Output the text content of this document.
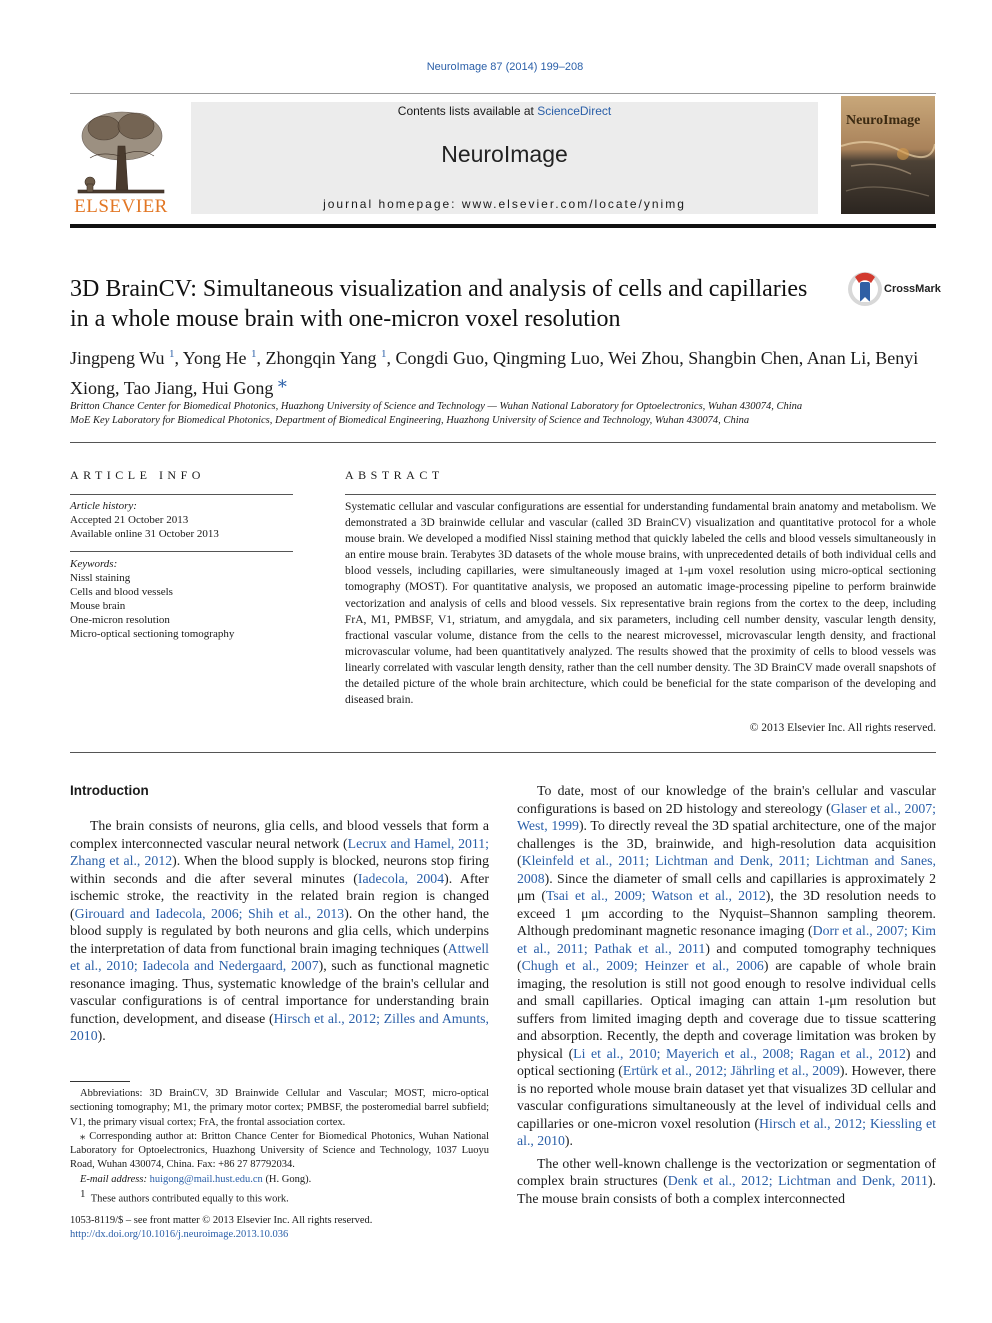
NeuroImage 87 (2014) 199–208
ELSEVIER
Contents lists available at ScienceDirect
NeuroImage
journal homepage: www.elsevier.com/locate/ynimg
NeuroImage
3D BrainCV: Simultaneous visualization and analysis of cells and capillaries in a whole mouse brain with one-micron voxel resolution
CrossMark
Jingpeng Wu $^1$, Yong He $^1$, Zhongqin Yang $^1$, Congdi Guo, Qingming Luo, Wei Zhou, Shangbin Chen, Anan Li, Benyi Xiong, Tao Jiang, Hui Gong ⁎
Britton Chance Center for Biomedical Photonics, Huazhong University of Science and Technology — Wuhan National Laboratory for Optoelectronics, Wuhan 430074, China
MoE Key Laboratory for Biomedical Photonics, Department of Biomedical Engineering, Huazhong University of Science and Technology, Wuhan 430074, China
ARTICLE INFO
Article history:
Accepted 21 October 2013
Available online 31 October 2013
Keywords:
Nissl staining
Cells and blood vessels
Mouse brain
One-micron resolution
Micro-optical sectioning tomography
ABSTRACT
Systematic cellular and vascular configurations are essential for understanding fundamental brain anatomy and metabolism. We demonstrated a 3D brainwide cellular and vascular (called 3D BrainCV) visualization and quantitative protocol for a whole mouse brain. We developed a modified Nissl staining method that quickly labeled the cells and blood vessels simultaneously in an entire mouse brain. Terabytes 3D datasets of the whole mouse brains, with unprecedented details of both individual cells and blood vessels, including capillaries, were simultaneously imaged at 1-μm voxel resolution using micro-optical sectioning tomography (MOST). For quantitative analysis, we proposed an automatic image-processing pipeline to perform brainwide vectorization and analysis of cells and blood vessels. Six representative brain regions from the cortex to the deep, including FrA, M1, PMBSF, V1, striatum, and amygdala, and six parameters, including cell number density, vascular length density, fractional vascular volume, distance from the cells to the nearest microvessel, microvascular length density, and fractional microvascular volume, had been quantitatively analyzed. The results showed that the proximity of cells to blood vessels was linearly correlated with vascular length density, rather than the cell number density. The 3D BrainCV made overall snapshots of the detailed picture of the whole brain architecture, which could be beneficial for the state comparison of the developing and diseased brain.
© 2013 Elsevier Inc. All rights reserved.
Introduction

The brain consists of neurons, glia cells, and blood vessels that form a complex interconnected vascular neural network (Lecrux and Hamel, 2011; Zhang et al., 2012). When the blood supply is blocked, neurons stop firing within seconds and die after several minutes (Iadecola, 2004). After ischemic stroke, the reactivity in the related brain region is changed (Girouard and Iadecola, 2006; Shih et al., 2013). On the other hand, the blood supply is regulated by both neurons and glia cells, which underpins the interpretation of data from functional brain imaging techniques (Attwell et al., 2010; Iadecola and Nedergaard, 2007), such as functional magnetic resonance imaging. Thus, systematic knowledge of the brain's cellular and vascular configurations is of central importance for understanding brain function, development, and disease (Hirsch et al., 2012; Zilles and Amunts, 2010).

To date, most of our knowledge of the brain's cellular and vascular configurations is based on 2D histology and stereology (Glaser et al., 2007; West, 1999). To directly reveal the 3D spatial architecture, one of the major challenges is the 3D, brainwide, and high-resolution data acquisition (Kleinfeld et al., 2011; Lichtman and Denk, 2011; Lichtman and Sanes, 2008). Since the diameter of small cells and capillaries is approximately 2 μm (Tsai et al., 2009; Watson et al., 2012), the 3D resolution needs to exceed 1 μm according to the Nyquist–Shannon sampling theorem. Although predominant magnetic resonance imaging (Dorr et al., 2007; Kim et al., 2011; Pathak et al., 2011) and computed tomography techniques (Chugh et al., 2009; Heinzer et al., 2006) are capable of whole brain imaging, the resolution is still not good enough to resolve individual cells and small capillaries. Optical imaging can attain 1-μm resolution but suffers from limited imaging depth and coverage due to tissue scattering and absorption. Recently, the depth and coverage limitation was broken by physical (Li et al., 2010; Mayerich et al., 2008; Ragan et al., 2012) and optical sectioning (Ertürk et al., 2012; Jährling et al., 2009). However, there is no reported whole mouse brain dataset yet that visualizes 3D cellular and vascular configurations simultaneously at the level of individual cells and capillaries or one-micron voxel resolution (Hirsch et al., 2012; Kiessling et al., 2010).

The other well-known challenge is the vectorization or segmentation of complex brain structures (Denk et al., 2012; Lichtman and Denk, 2011). The mouse brain consists of both a complex interconnected

Abbreviations: 3D BrainCV, 3D Brainwide Cellular and Vascular; MOST, micro-optical sectioning tomography; M1, the primary motor cortex; PMBSF, the posteromedial barrel subfield; V1, the primary visual cortex; FrA, the frontal association cortex.
⁎ Corresponding author at: Britton Chance Center for Biomedical Photonics, Wuhan National Laboratory for Optoelectronics, Huazhong University of Science and Technology, 1037 Luoyu Road, Wuhan 430074, China. Fax: +86 27 87792034.
E-mail address: huigong@mail.hust.edu.cn (H. Gong).
$^1$ These authors contributed equally to this work.
1053-8119/$ – see front matter © 2013 Elsevier Inc. All rights reserved.
http://dx.doi.org/10.1016/j.neuroimage.2013.10.036
